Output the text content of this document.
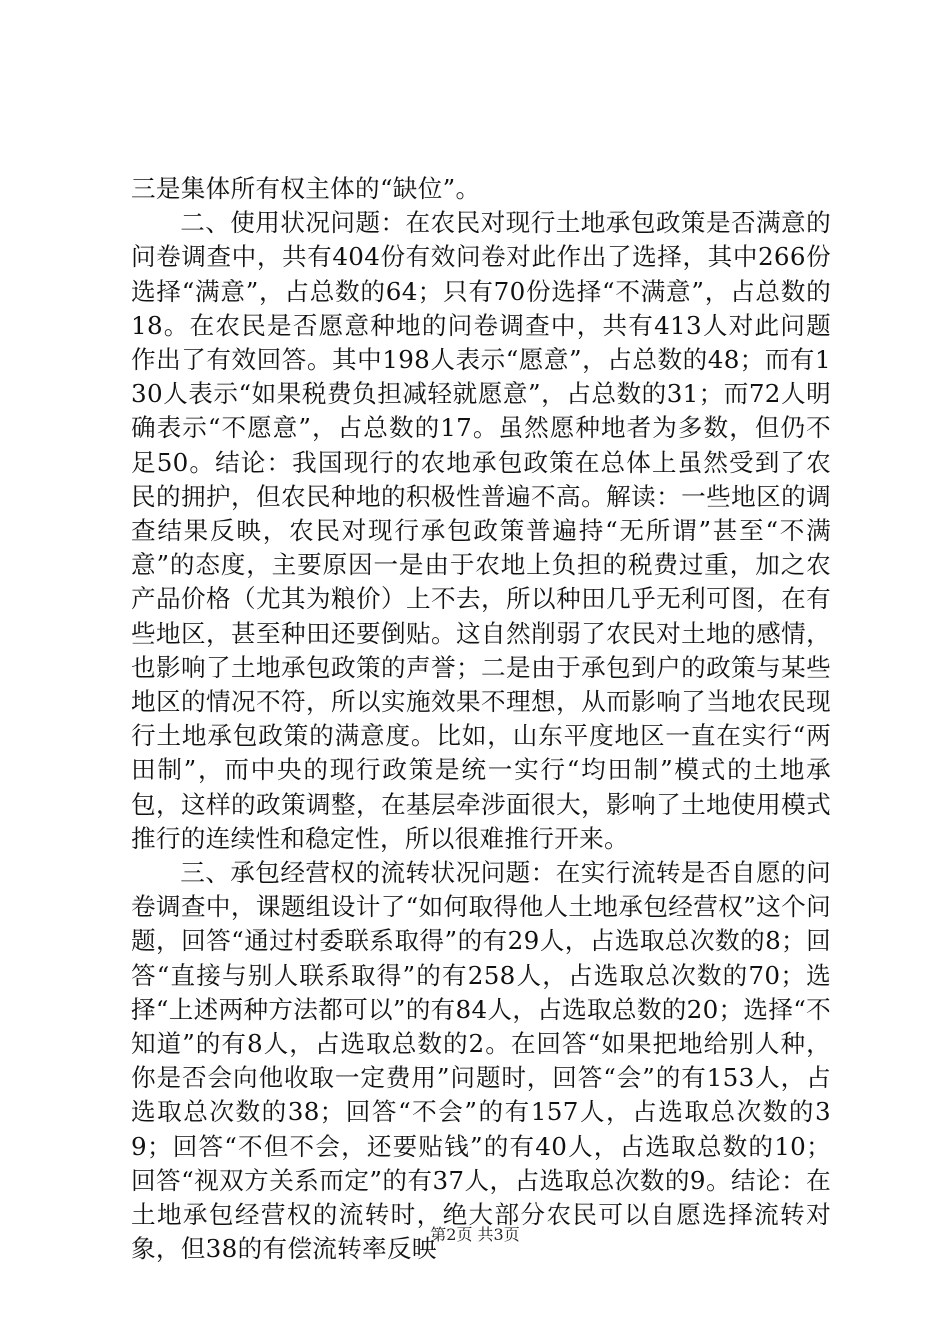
三是集体所有权主体的“缺位”。

二、使用状况问题：在农民对现行土地承包政策是否满意的问卷调查中，共有404份有效问卷对此作出了选择，其中266份选择“满意”，占总数的64；只有70份选择“不满意”，占总数的18。在农民是否愿意种地的问卷调查中，共有413人对此问题作出了有效回答。其中198人表示“愿意”，占总数的48；而有130人表示“如果税费负担减轻就愿意”，占总数的31；而72人明确表示“不愿意”，占总数的17。虽然愿种地者为多数，但仍不足50。结论：我国现行的农地承包政策在总体上虽然受到了农民的拥护，但农民种地的积极性普遍不高。解读：一些地区的调查结果反映，农民对现行承包政策普遍持“无所谓”甚至“不满意”的态度，主要原因一是由于农地上负担的税费过重，加之农产品价格（尤其为粮价）上不去，所以种田几乎无利可图，在有些地区，甚至种田还要倒贴。这自然削弱了农民对土地的感情，也影响了土地承包政策的声誉；二是由于承包到户的政策与某些地区的情况不符，所以实施效果不理想，从而影响了当地农民现行土地承包政策的满意度。比如，山东平度地区一直在实行“两田制”，而中央的现行政策是统一实行“均田制”模式的土地承包，这样的政策调整，在基层牵涉面很大，影响了土地使用模式推行的连续性和稳定性，所以很难推行开来。

三、承包经营权的流转状况问题：在实行流转是否自愿的问卷调查中，课题组设计了“如何取得他人土地承包经营权”这个问题，回答“通过村委联系取得”的有29人，占选取总次数的8；回答“直接与别人联系取得”的有258人，占选取总次数的70；选择“上述两种方法都可以”的有84人，占选取总数的20；选择“不知道”的有8人，占选取总数的2。在回答“如果把地给别人种，你是否会向他收取一定费用”问题时，回答“会”的有153人，占选取总次数的38；回答“不会”的有157人，占选取总次数的39；回答“不但不会，还要贴钱”的有40人，占选取总数的10；回答“视双方关系而定”的有37人，占选取总次数的9。结论：在土地承包经营权的流转时，绝大部分农民可以自愿选择流转对象，但38的有偿流转率反映

第2页 共3页
